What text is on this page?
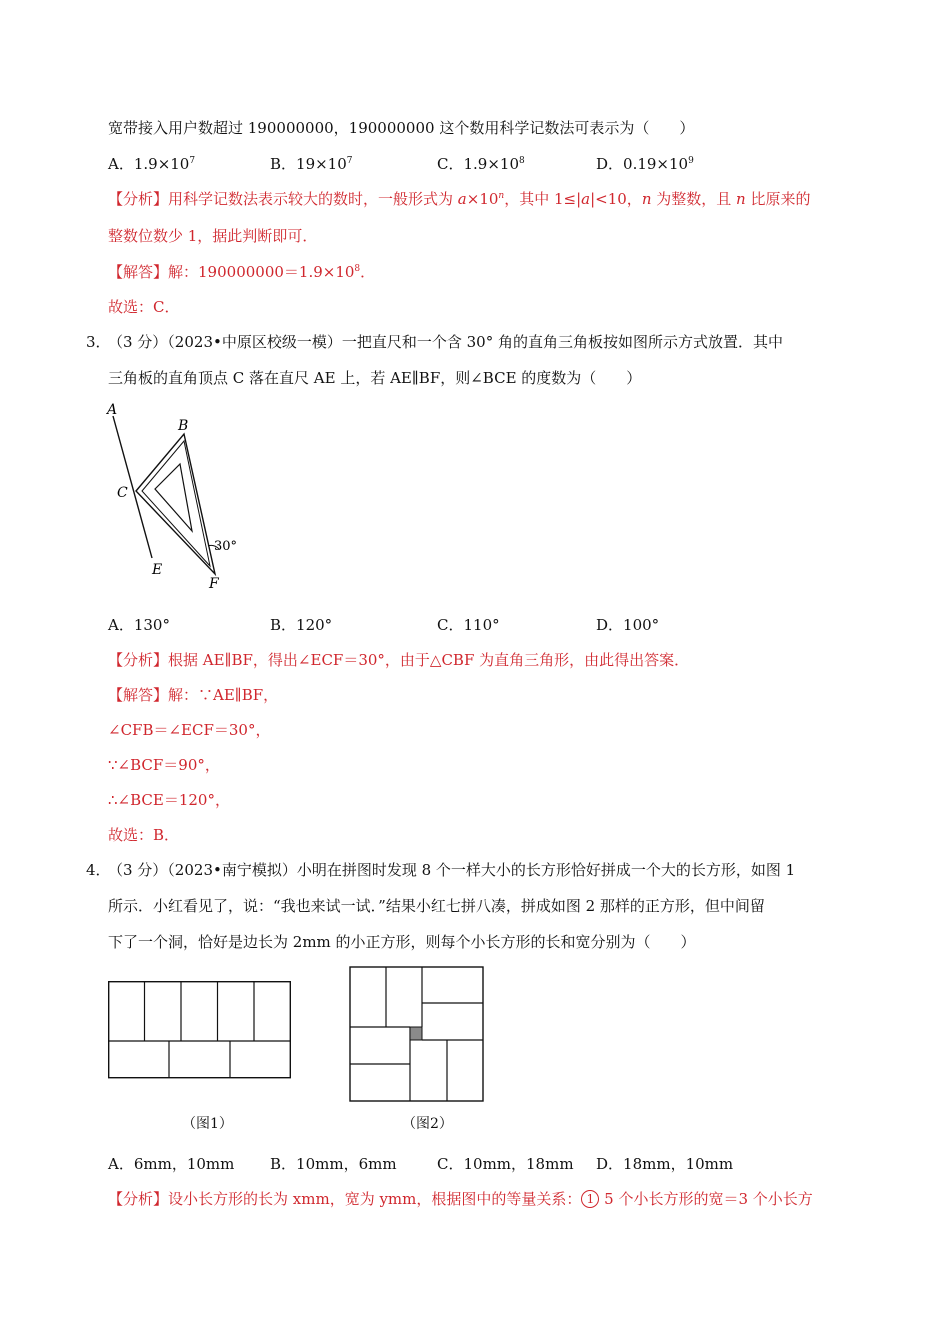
宽带接入用户数超过 190000000，190000000 这个数用科学记数法可表示为（　　）
A．$1.9\times 10^7$	B．$19\times 10^7$	C．$1.9\times 10^8$	D．$0.19\times 10^9$
【分析】用科学记数法表示较大的数时，一般形式为 $a\times 10^n$，其中 1≤|a|<10，n 为整数，且 n 比原来的
整数位数少 1，据此判断即可．
【解答】解：$190000000=1.9\times 10^8$．
故选：C．
3．
（3 分）（2023•中原区校级一模）一把直尺和一个含 30° 角的直角三角板按如图所示方式放置．其中
三角板的直角顶点 C 落在直尺 AE 上，若 AE∥BF，则∠BCE 的度数为（　　）
A
B
C
E
F
30°
A．130°	B．120°	C．110°	D．100°
【分析】根据 AE∥BF，得出∠ECF＝30°，由于△CBF 为直角三角形，由此得出答案．
【解答】解：∵AE∥BF，
∠CFB＝∠ECF＝30°，
∵∠BCF＝90°，
∴∠BCE＝120°，
故选：B．
4．
（3 分）（2023•南宁模拟）小明在拼图时发现 8 个一样大小的长方形恰好拼成一个大的长方形，如图 1
所示．小红看见了，说：“我也来试一试．”结果小红七拼八凑，拼成如图 2 那样的正方形，但中间留
下了一个洞，恰好是边长为 2mm 的小正方形，则每个小长方形的长和宽分别为（　　）
（图1）	（图2）
A．6mm，10mm B．10mm，6mm	C．10mm，18mm D．18mm，10mm
【分析】设小长方形的长为 xmm，宽为 ymm，根据图中的等量关系： 1 5 个小长方形的宽＝3 个小长方
